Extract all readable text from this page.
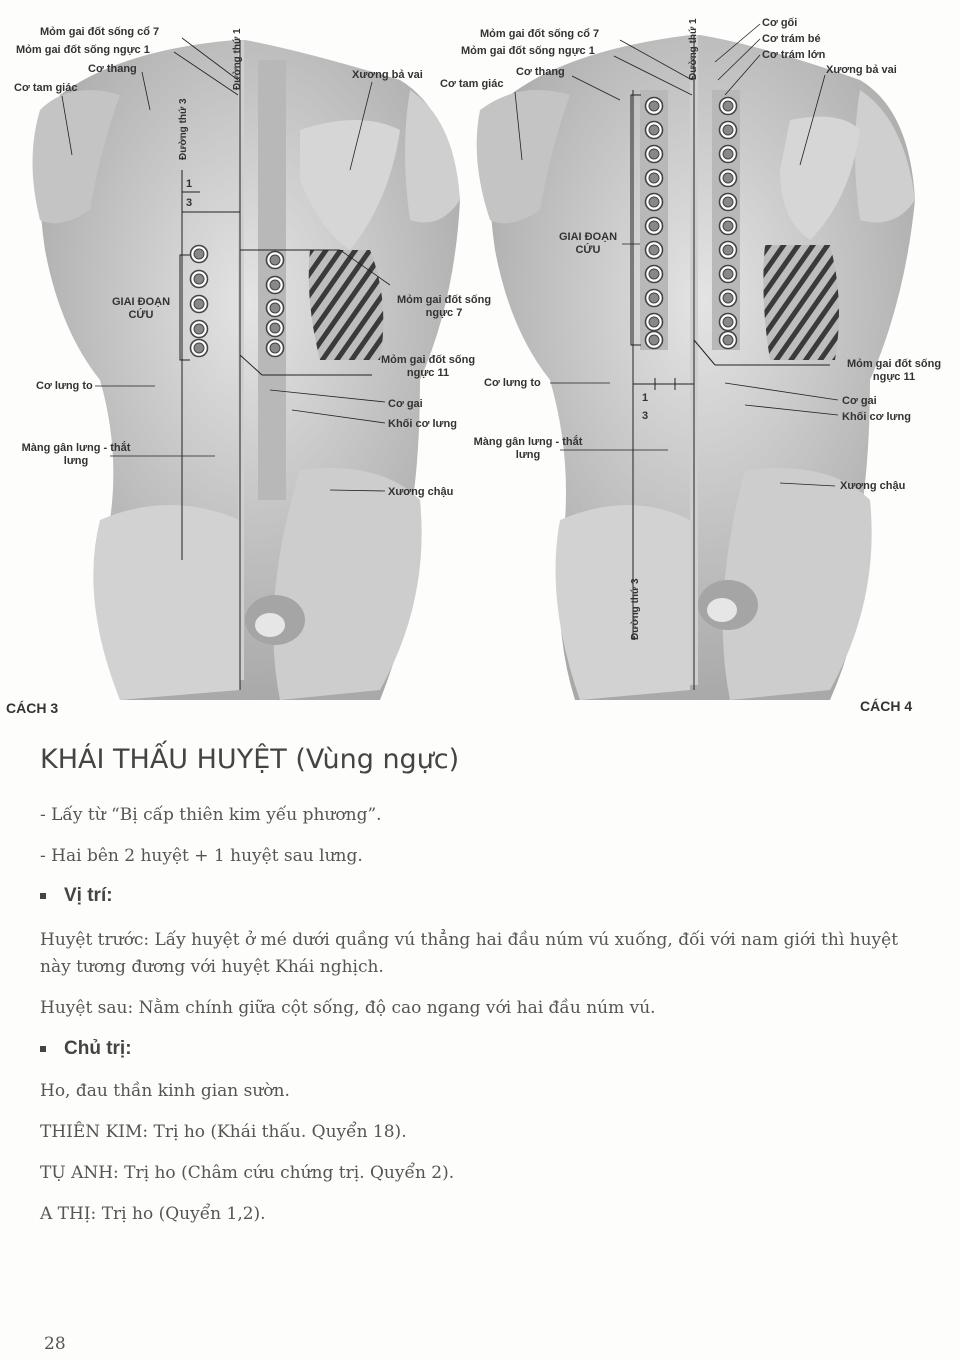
Mỏm gai đốt sống cổ 7
Mỏm gai đốt sống ngực 1
Cơ thang
Cơ tam giác	Đường thứ 1
Đường thứ 3
Xương bả vai
1
3
GIAI ĐOẠN CỨU
Mỏm gai đốt sống ngực 7
Mỏm gai đốt sống ngực 11
Cơ lưng to
Cơ gai
Khối cơ lưng
Màng gân lưng - thắt lưng
Xương chậu
Mỏm gai đốt sống cổ 7
Mỏm gai đốt sống ngực 1
Cơ thang
Cơ tam giác
Đường thứ 1	Cơ gối
Cơ trám bé
Cơ trám lớn
Xương bả vai
GIAI ĐOẠN CỨU
Mỏm gai đốt sống ngực 11
Cơ lưng to
1
3
Cơ gai
Khối cơ lưng
Màng gân lưng - thắt lưng
Xương chậu
Đường thứ 3
CÁCH 3	CÁCH 4
KHÁI THẤU HUYỆT (Vùng ngực)
- Lấy từ “Bị cấp thiên kim yếu phương”.
- Hai bên 2 huyệt + 1 huyệt sau lưng.
Vị trí:
Huyệt trước: Lấy huyệt ở mé dưới quầng vú thẳng hai đầu núm vú xuống, đối với nam giới thì huyệt này tương đương với huyệt Khái nghịch.
Huyệt sau: Nằm chính giữa cột sống, độ cao ngang với hai đầu núm vú.
Chủ trị:
Ho, đau thần kinh gian sườn.
THIÊN KIM: Trị ho (Khái thấu. Quyển 18).
TỤ ANH: Trị ho (Châm cứu chứng trị. Quyển 2).
A THỊ: Trị ho (Quyển 1,2).
28
